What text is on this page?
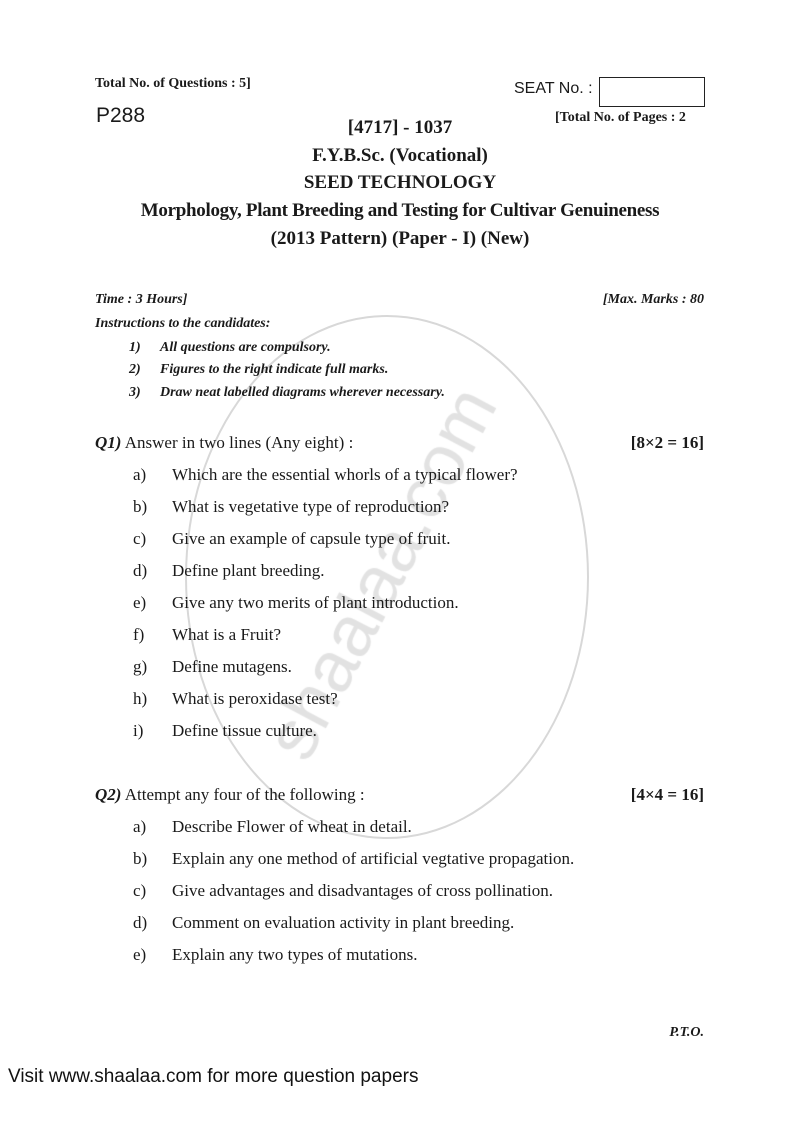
Total No. of Questions : 5]	SEAT No. :
P288	[Total No. of Pages : 2
[4717] - 1037
F.Y.B.Sc. (Vocational)
SEED TECHNOLOGY
Morphology, Plant Breeding and Testing for Cultivar Genuineness
(2013 Pattern) (Paper - I) (New)
Time : 3 Hours]	[Max. Marks : 80
Instructions to the candidates:
1) All questions are compulsory.
2) Figures to the right indicate full marks.
3) Draw neat labelled diagrams wherever necessary.
Q1) Answer in two lines (Any eight) :	[8×2 = 16]
a) Which are the essential whorls of a typical flower?
b) What is vegetative type of reproduction?
c) Give an example of capsule type of fruit.
d) Define plant breeding.
e) Give any two merits of plant introduction.
f) What is a Fruit?
g) Define mutagens.
h) What is peroxidase test?
i) Define tissue culture.
Q2) Attempt any four of the following :	[4×4 = 16]
a) Describe Flower of wheat in detail.
b) Explain any one method of artificial vegtative propagation.
c) Give advantages and disadvantages of cross pollination.
d) Comment on evaluation activity in plant breeding.
e) Explain any two types of mutations.
P.T.O.
Visit www.shaalaa.com for more question papers
